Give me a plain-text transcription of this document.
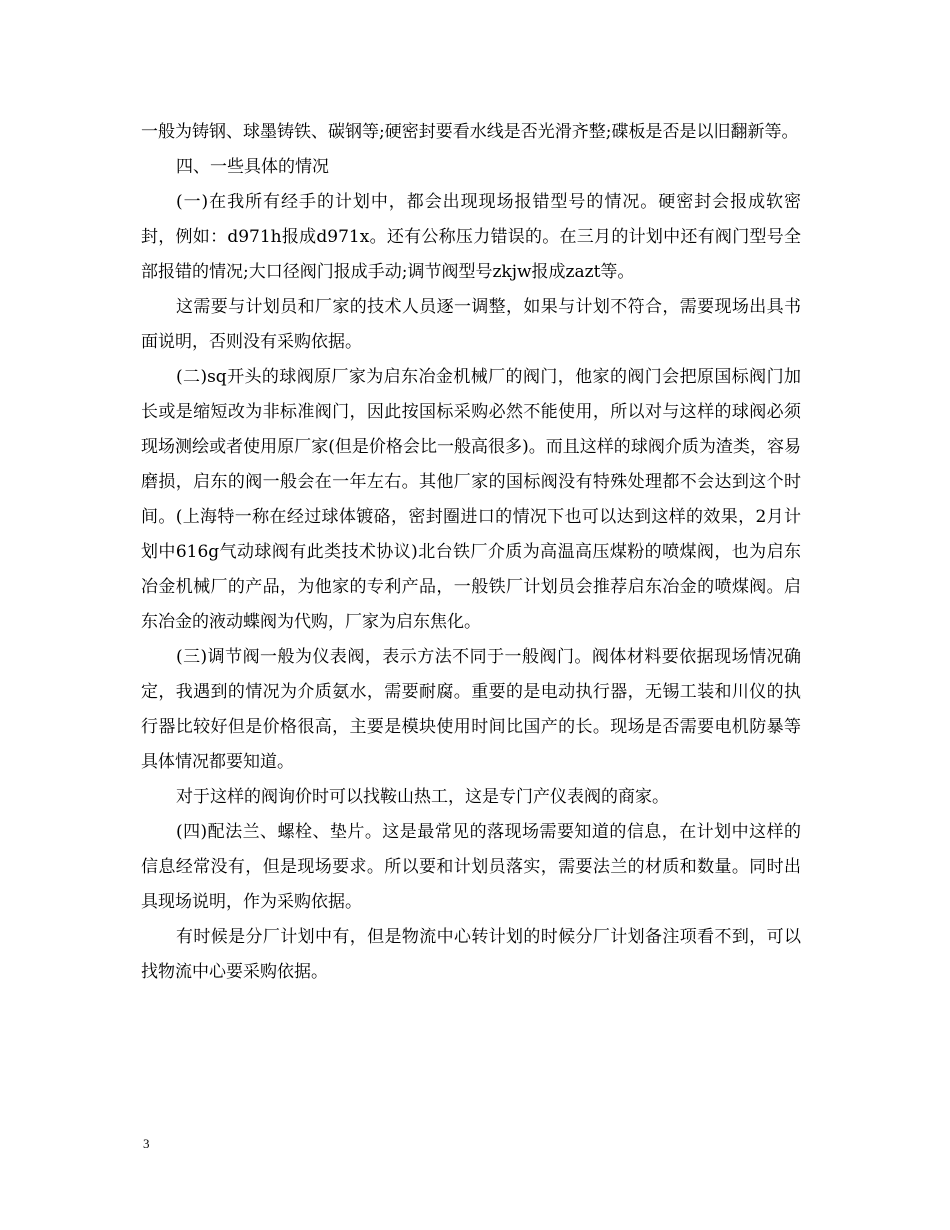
一般为铸钢、球墨铸铁、碳钢等;硬密封要看水线是否光滑齐整;碟板是否是以旧翻新等。

四、一些具体的情况

(一)在我所有经手的计划中，都会出现现场报错型号的情况。硬密封会报成软密封，例如：d971h报成d971x。还有公称压力错误的。在三月的计划中还有阀门型号全部报错的情况;大口径阀门报成手动;调节阀型号zkjw报成zazt等。

这需要与计划员和厂家的技术人员逐一调整，如果与计划不符合，需要现场出具书面说明，否则没有采购依据。

(二)sq开头的球阀原厂家为启东冶金机械厂的阀门，他家的阀门会把原国标阀门加长或是缩短改为非标准阀门，因此按国标采购必然不能使用，所以对与这样的球阀必须现场测绘或者使用原厂家(但是价格会比一般高很多)。而且这样的球阀介质为渣类，容易磨损，启东的阀一般会在一年左右。其他厂家的国标阀没有特殊处理都不会达到这个时间。(上海特一称在经过球体镀硌，密封圈进口的情况下也可以达到这样的效果，2月计划中616g气动球阀有此类技术协议)北台铁厂介质为高温高压煤粉的喷煤阀，也为启东冶金机械厂的产品，为他家的专利产品，一般铁厂计划员会推荐启东冶金的喷煤阀。启东冶金的液动蝶阀为代购，厂家为启东焦化。

(三)调节阀一般为仪表阀，表示方法不同于一般阀门。阀体材料要依据现场情况确定，我遇到的情况为介质氨水，需要耐腐。重要的是电动执行器，无锡工装和川仪的执行器比较好但是价格很高，主要是模块使用时间比国产的长。现场是否需要电机防暴等具体情况都要知道。

对于这样的阀询价时可以找鞍山热工，这是专门产仪表阀的商家。

(四)配法兰、螺栓、垫片。这是最常见的落现场需要知道的信息，在计划中这样的信息经常没有，但是现场要求。所以要和计划员落实，需要法兰的材质和数量。同时出具现场说明，作为采购依据。

有时候是分厂计划中有，但是物流中心转计划的时候分厂计划备注项看不到，可以找物流中心要采购依据。

3
